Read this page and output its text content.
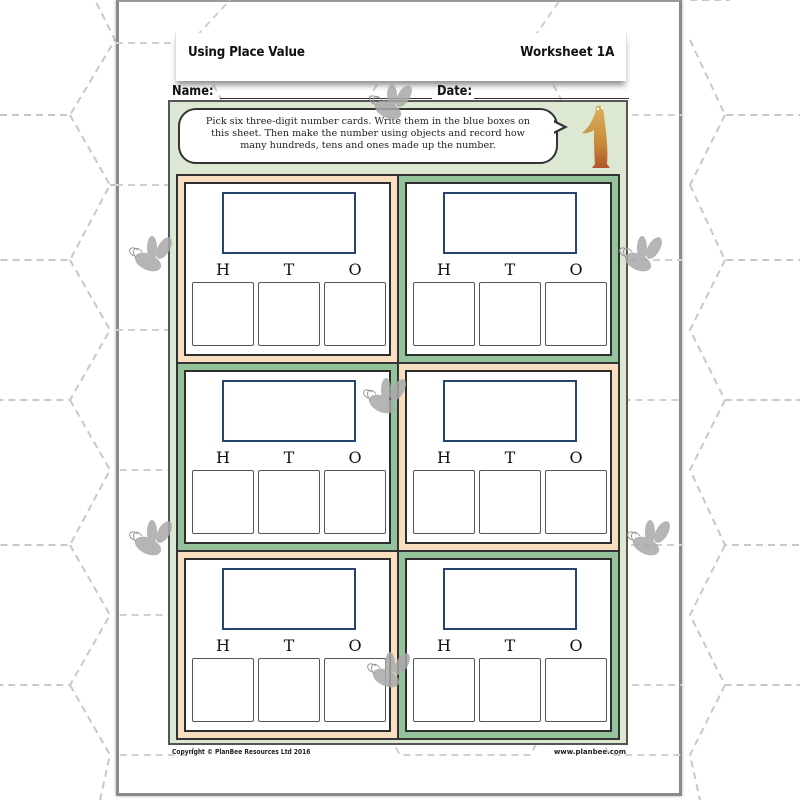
Using Place Value	Worksheet 1A
Name:	Date:
Pick six three-digit number cards. Write them in the blue boxes on
this sheet. Then make the number using objects and record how
many hundreds, tens and ones made up the number.
H	T	O	H	T	O
H	T	O	H	T	O
H	T	O	H	T	O
Copyright © PlanBee Resources Ltd 2016	www.planbee.com
